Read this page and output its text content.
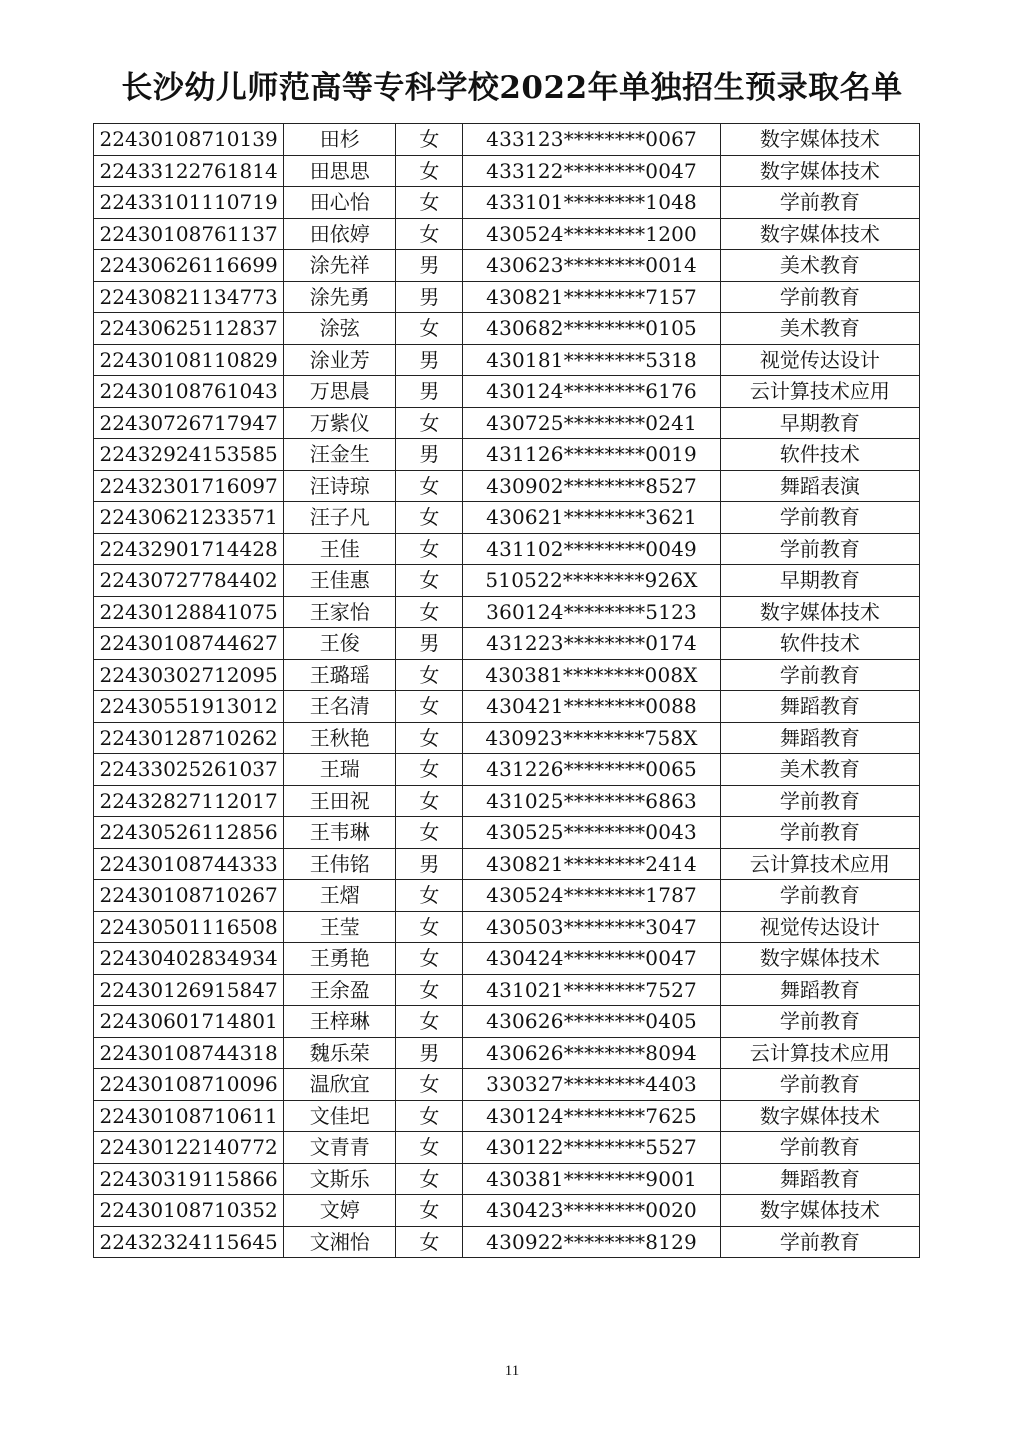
长沙幼儿师范高等专科学校2022年单独招生预录取名单
22430108710139	田杉	女	433123********0067	数字媒体技术
22433122761814	田思思	女	433122********0047	数字媒体技术
22433101110719	田心怡	女	433101********1048	学前教育
22430108761137	田依婷	女	430524********1200	数字媒体技术
22430626116699	涂先祥	男	430623********0014	美术教育
22430821134773	涂先勇	男	430821********7157	学前教育
22430625112837	涂弦	女	430682********0105	美术教育
22430108110829	涂业芳	男	430181********5318	视觉传达设计
22430108761043	万思晨	男	430124********6176	云计算技术应用
22430726717947	万紫仪	女	430725********0241	早期教育
22432924153585	汪金生	男	431126********0019	软件技术
22432301716097	汪诗琼	女	430902********8527	舞蹈表演
22430621233571	汪子凡	女	430621********3621	学前教育
22432901714428	王佳	女	431102********0049	学前教育
22430727784402	王佳惠	女	510522********926X	早期教育
22430128841075	王家怡	女	360124********5123	数字媒体技术
22430108744627	王俊	男	431223********0174	软件技术
22430302712095	王璐瑶	女	430381********008X	学前教育
22430551913012	王名清	女	430421********0088	舞蹈教育
22430128710262	王秋艳	女	430923********758X	舞蹈教育
22433025261037	王瑞	女	431226********0065	美术教育
22432827112017	王田祝	女	431025********6863	学前教育
22430526112856	王韦琳	女	430525********0043	学前教育
22430108744333	王伟铭	男	430821********2414	云计算技术应用
22430108710267	王熠	女	430524********1787	学前教育
22430501116508	王莹	女	430503********3047	视觉传达设计
22430402834934	王勇艳	女	430424********0047	数字媒体技术
22430126915847	王余盈	女	431021********7527	舞蹈教育
22430601714801	王梓琳	女	430626********0405	学前教育
22430108744318	魏乐荣	男	430626********8094	云计算技术应用
22430108710096	温欣宜	女	330327********4403	学前教育
22430108710611	文佳圯	女	430124********7625	数字媒体技术
22430122140772	文青青	女	430122********5527	学前教育
22430319115866	文斯乐	女	430381********9001	舞蹈教育
22430108710352	文婷	女	430423********0020	数字媒体技术
22432324115645	文湘怡	女	430922********8129	学前教育
11
